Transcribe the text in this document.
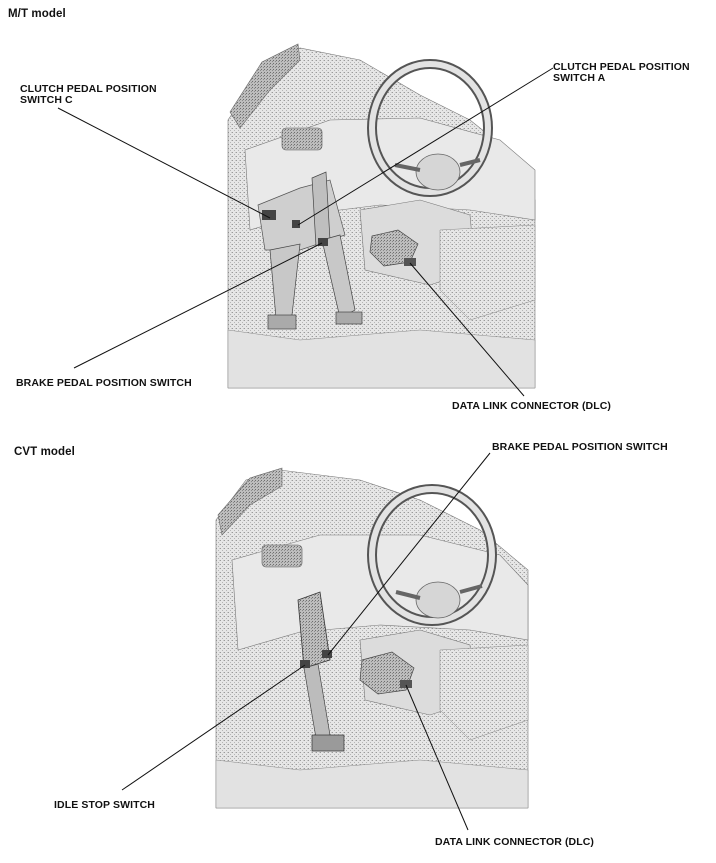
M/T model
CVT model
CLUTCH PEDAL POSITION
SWITCH C
CLUTCH PEDAL POSITION
SWITCH A
BRAKE PEDAL POSITION SWITCH
DATA LINK CONNECTOR (DLC)
BRAKE PEDAL POSITION SWITCH
IDLE STOP SWITCH
DATA LINK CONNECTOR (DLC)
